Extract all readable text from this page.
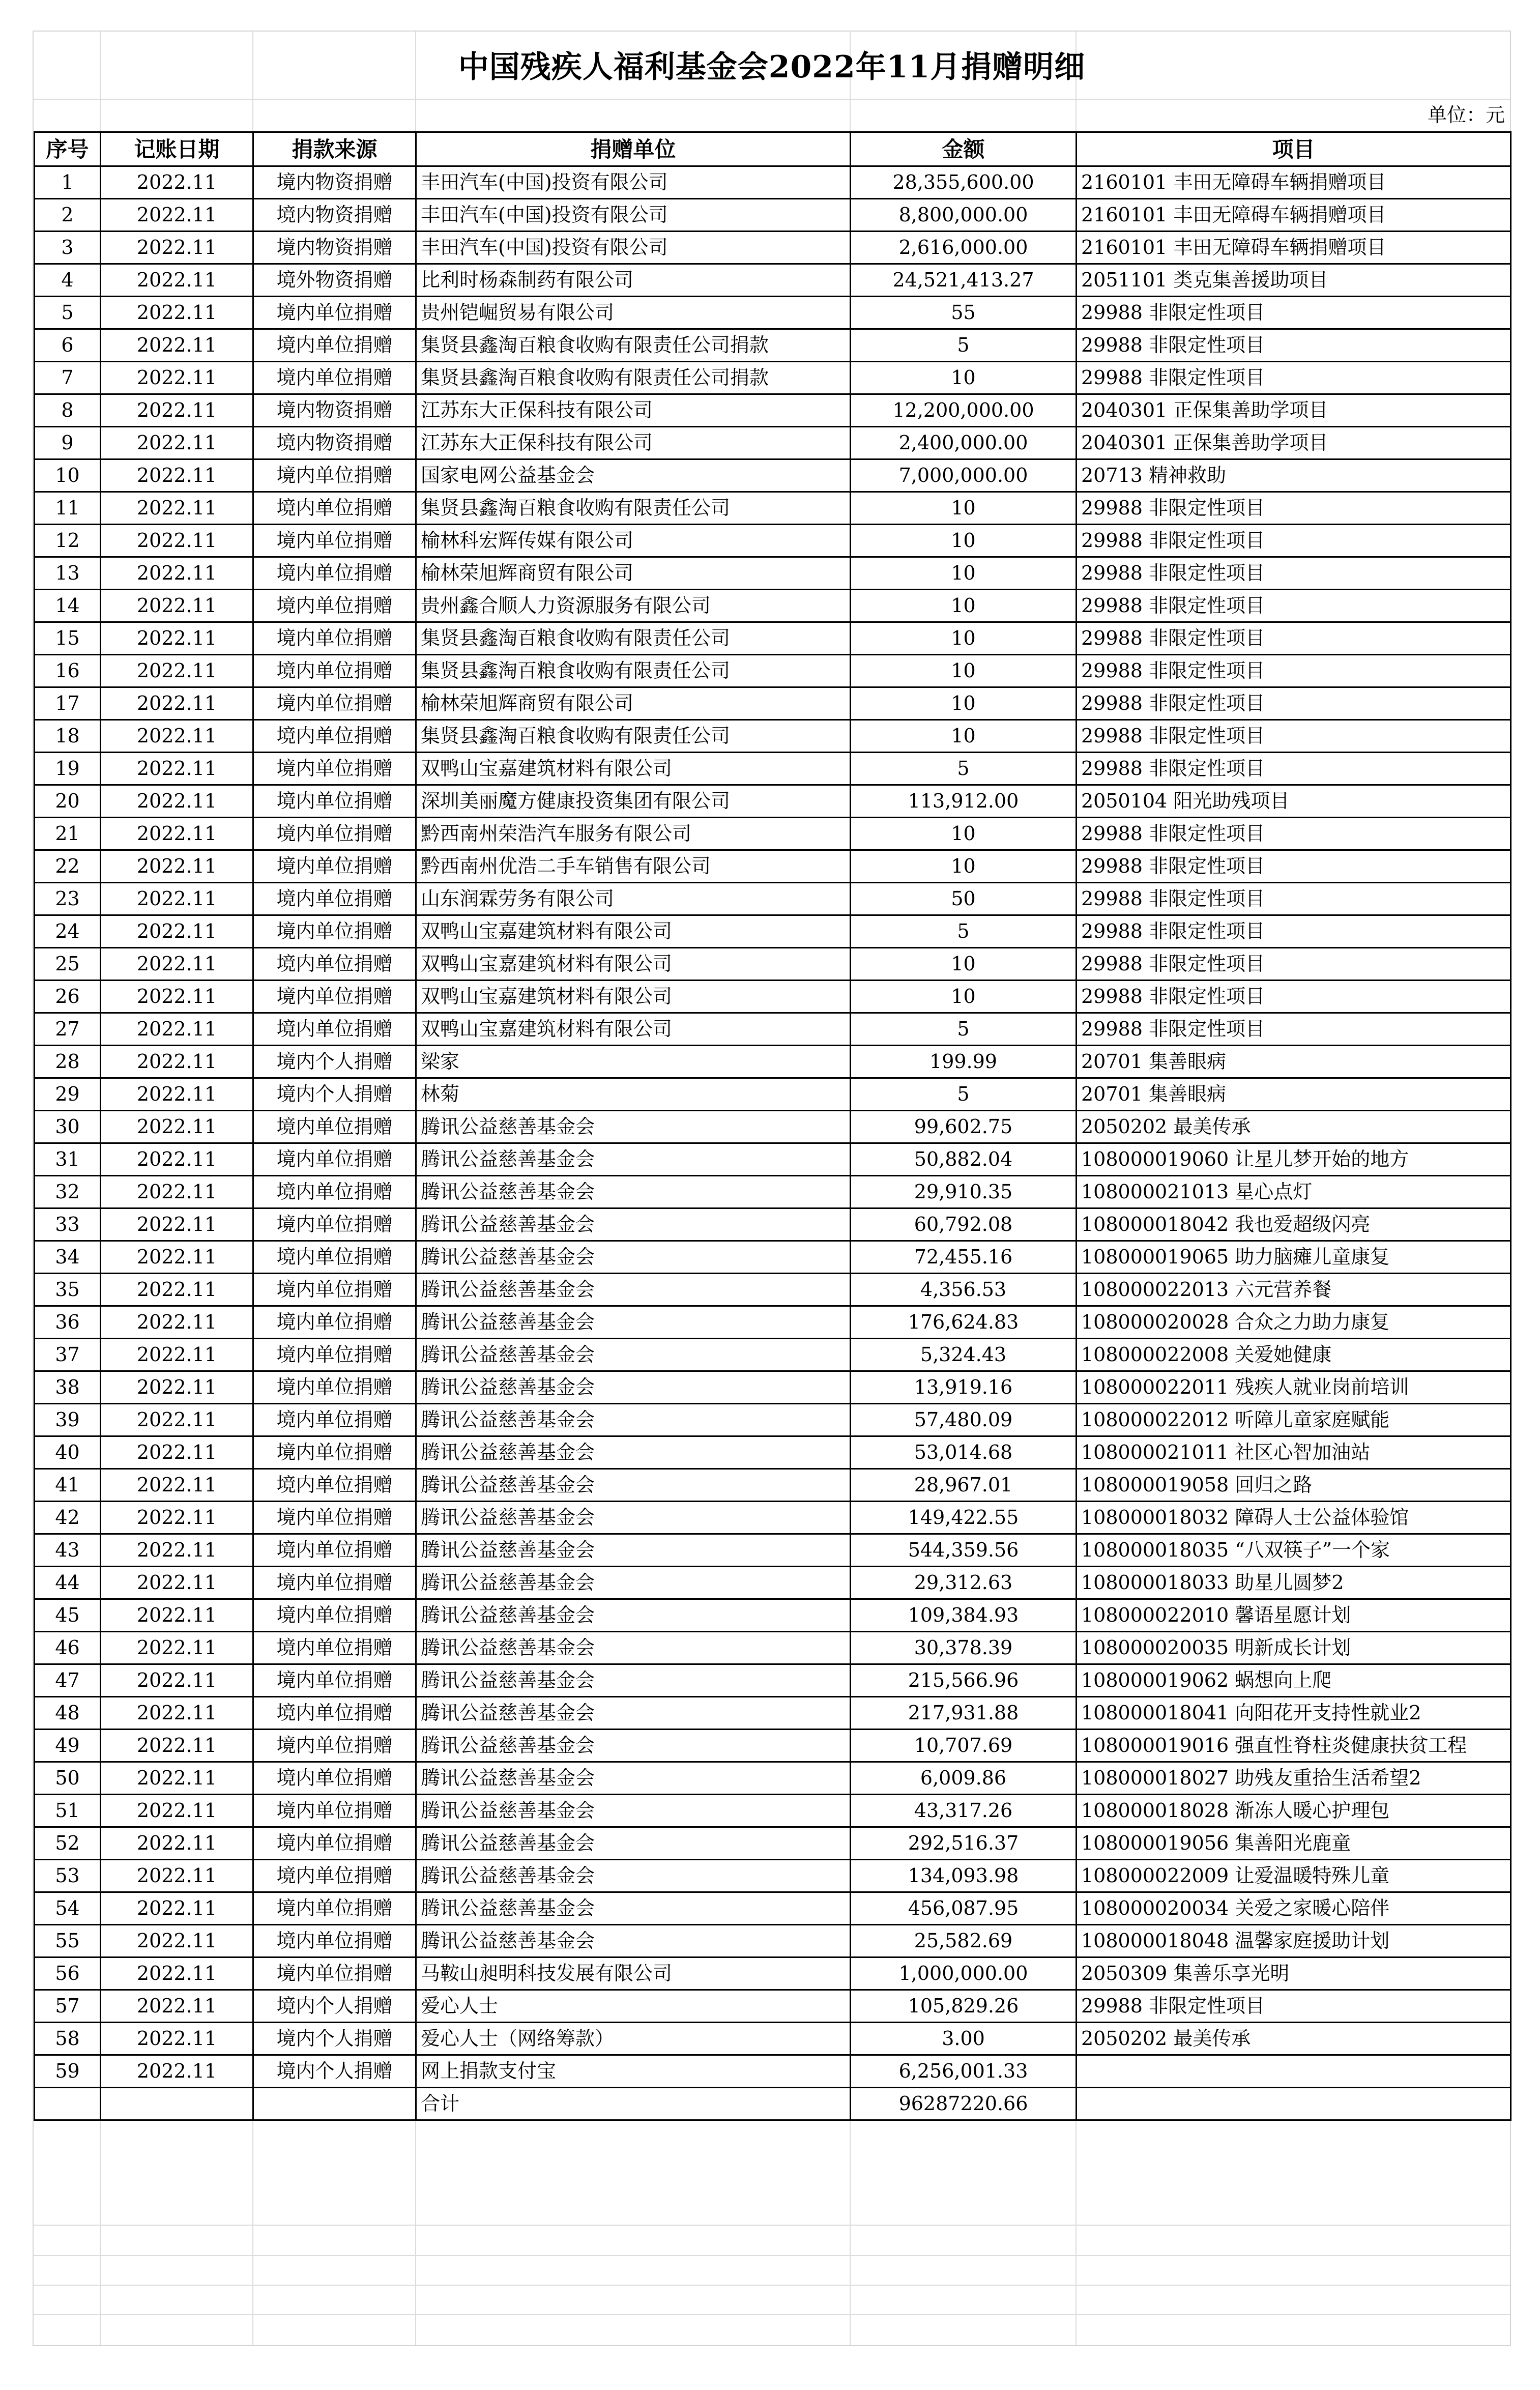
中国残疾人福利基金会2022年11月捐赠明细
单位：元
序号	记账日期	捐款来源	捐赠单位	金额	项目
1	2022.11	境内物资捐赠	丰田汽车(中国)投资有限公司	28,355,600.00	2160101 丰田无障碍车辆捐赠项目
2	2022.11	境内物资捐赠	丰田汽车(中国)投资有限公司	8,800,000.00	2160101 丰田无障碍车辆捐赠项目
3	2022.11	境内物资捐赠	丰田汽车(中国)投资有限公司	2,616,000.00	2160101 丰田无障碍车辆捐赠项目
4	2022.11	境外物资捐赠	比利时杨森制药有限公司	24,521,413.27	2051101 类克集善援助项目
5	2022.11	境内单位捐赠	贵州铠崛贸易有限公司	55	29988 非限定性项目
6	2022.11	境内单位捐赠	集贤县鑫淘百粮食收购有限责任公司捐款	5	29988 非限定性项目
7	2022.11	境内单位捐赠	集贤县鑫淘百粮食收购有限责任公司捐款	10	29988 非限定性项目
8	2022.11	境内物资捐赠	江苏东大正保科技有限公司	12,200,000.00	2040301 正保集善助学项目
9	2022.11	境内物资捐赠	江苏东大正保科技有限公司	2,400,000.00	2040301 正保集善助学项目
10	2022.11	境内单位捐赠	国家电网公益基金会	7,000,000.00	20713 精神救助
11	2022.11	境内单位捐赠	集贤县鑫淘百粮食收购有限责任公司	10	29988 非限定性项目
12	2022.11	境内单位捐赠	榆林科宏辉传媒有限公司	10	29988 非限定性项目
13	2022.11	境内单位捐赠	榆林荣旭辉商贸有限公司	10	29988 非限定性项目
14	2022.11	境内单位捐赠	贵州鑫合顺人力资源服务有限公司	10	29988 非限定性项目
15	2022.11	境内单位捐赠	集贤县鑫淘百粮食收购有限责任公司	10	29988 非限定性项目
16	2022.11	境内单位捐赠	集贤县鑫淘百粮食收购有限责任公司	10	29988 非限定性项目
17	2022.11	境内单位捐赠	榆林荣旭辉商贸有限公司	10	29988 非限定性项目
18	2022.11	境内单位捐赠	集贤县鑫淘百粮食收购有限责任公司	10	29988 非限定性项目
19	2022.11	境内单位捐赠	双鸭山宝嘉建筑材料有限公司	5	29988 非限定性项目
20	2022.11	境内单位捐赠	深圳美丽魔方健康投资集团有限公司	113,912.00	2050104 阳光助残项目
21	2022.11	境内单位捐赠	黔西南州荣浩汽车服务有限公司	10	29988 非限定性项目
22	2022.11	境内单位捐赠	黔西南州优浩二手车销售有限公司	10	29988 非限定性项目
23	2022.11	境内单位捐赠	山东润霖劳务有限公司	50	29988 非限定性项目
24	2022.11	境内单位捐赠	双鸭山宝嘉建筑材料有限公司	5	29988 非限定性项目
25	2022.11	境内单位捐赠	双鸭山宝嘉建筑材料有限公司	10	29988 非限定性项目
26	2022.11	境内单位捐赠	双鸭山宝嘉建筑材料有限公司	10	29988 非限定性项目
27	2022.11	境内单位捐赠	双鸭山宝嘉建筑材料有限公司	5	29988 非限定性项目
28	2022.11	境内个人捐赠	梁家	199.99	20701 集善眼病
29	2022.11	境内个人捐赠	林菊	5	20701 集善眼病
30	2022.11	境内单位捐赠	腾讯公益慈善基金会	99,602.75	2050202 最美传承
31	2022.11	境内单位捐赠	腾讯公益慈善基金会	50,882.04	108000019060 让星儿梦开始的地方
32	2022.11	境内单位捐赠	腾讯公益慈善基金会	29,910.35	108000021013 星心点灯
33	2022.11	境内单位捐赠	腾讯公益慈善基金会	60,792.08	108000018042 我也爱超级闪亮
34	2022.11	境内单位捐赠	腾讯公益慈善基金会	72,455.16	108000019065 助力脑瘫儿童康复
35	2022.11	境内单位捐赠	腾讯公益慈善基金会	4,356.53	108000022013 六元营养餐
36	2022.11	境内单位捐赠	腾讯公益慈善基金会	176,624.83	108000020028 合众之力助力康复
37	2022.11	境内单位捐赠	腾讯公益慈善基金会	5,324.43	108000022008 关爱她健康
38	2022.11	境内单位捐赠	腾讯公益慈善基金会	13,919.16	108000022011 残疾人就业岗前培训
39	2022.11	境内单位捐赠	腾讯公益慈善基金会	57,480.09	108000022012 听障儿童家庭赋能
40	2022.11	境内单位捐赠	腾讯公益慈善基金会	53,014.68	108000021011 社区心智加油站
41	2022.11	境内单位捐赠	腾讯公益慈善基金会	28,967.01	108000019058 回归之路
42	2022.11	境内单位捐赠	腾讯公益慈善基金会	149,422.55	108000018032 障碍人士公益体验馆
43	2022.11	境内单位捐赠	腾讯公益慈善基金会	544,359.56	108000018035 “八双筷子”一个家
44	2022.11	境内单位捐赠	腾讯公益慈善基金会	29,312.63	108000018033 助星儿圆梦2
45	2022.11	境内单位捐赠	腾讯公益慈善基金会	109,384.93	108000022010 馨语星愿计划
46	2022.11	境内单位捐赠	腾讯公益慈善基金会	30,378.39	108000020035 明新成长计划
47	2022.11	境内单位捐赠	腾讯公益慈善基金会	215,566.96	108000019062 蜗想向上爬
48	2022.11	境内单位捐赠	腾讯公益慈善基金会	217,931.88	108000018041 向阳花开支持性就业2
49	2022.11	境内单位捐赠	腾讯公益慈善基金会	10,707.69	108000019016 强直性脊柱炎健康扶贫工程
50	2022.11	境内单位捐赠	腾讯公益慈善基金会	6,009.86	108000018027 助残友重拾生活希望2
51	2022.11	境内单位捐赠	腾讯公益慈善基金会	43,317.26	108000018028 渐冻人暖心护理包
52	2022.11	境内单位捐赠	腾讯公益慈善基金会	292,516.37	108000019056 集善阳光鹿童
53	2022.11	境内单位捐赠	腾讯公益慈善基金会	134,093.98	108000022009 让爱温暖特殊儿童
54	2022.11	境内单位捐赠	腾讯公益慈善基金会	456,087.95	108000020034 关爱之家暖心陪伴
55	2022.11	境内单位捐赠	腾讯公益慈善基金会	25,582.69	108000018048 温馨家庭援助计划
56	2022.11	境内单位捐赠	马鞍山昶明科技发展有限公司	1,000,000.00	2050309 集善乐享光明
57	2022.11	境内个人捐赠	爱心人士	105,829.26	29988 非限定性项目
58	2022.11	境内个人捐赠	爱心人士（网络筹款）	3.00	2050202 最美传承
59	2022.11	境内个人捐赠	网上捐款支付宝	6,256,001.33	
			合计	96287220.66	
